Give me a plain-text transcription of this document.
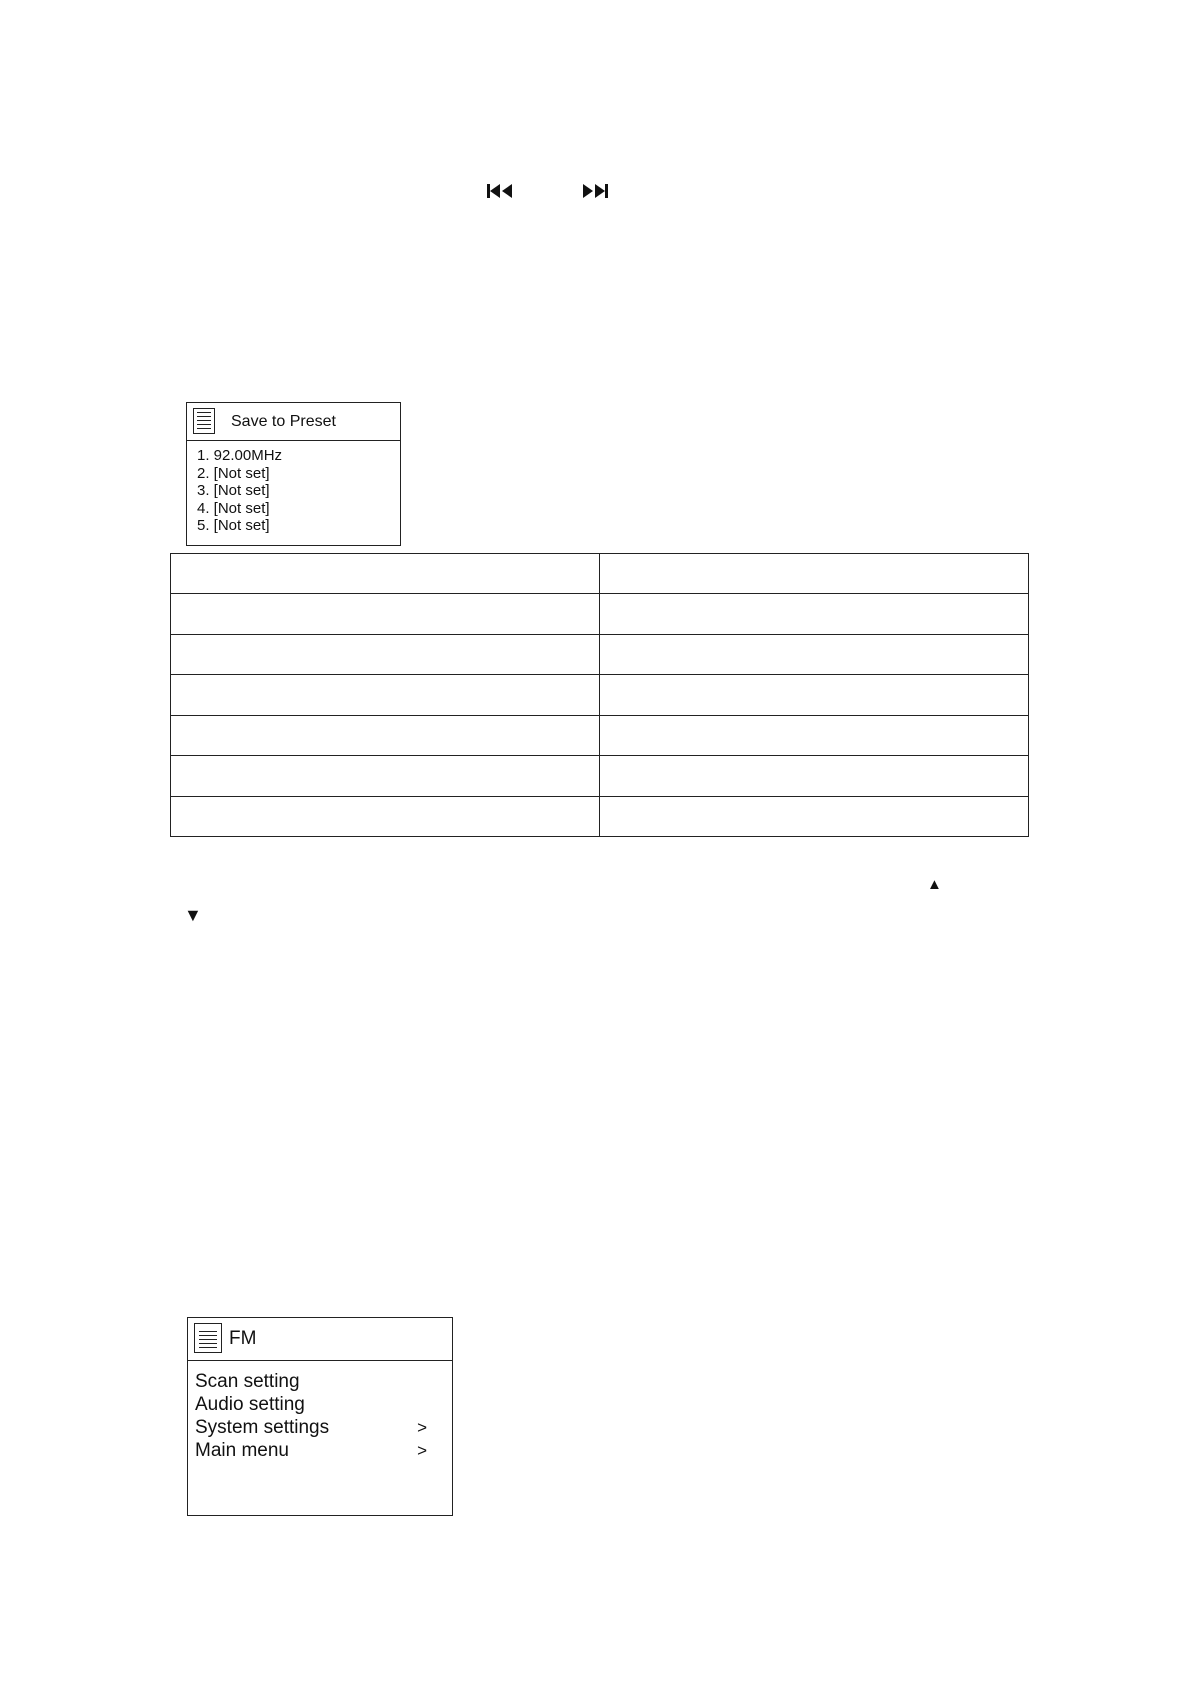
Save to Preset
1. 92.00MHz
2. [Not set]
3. [Not set]
4. [Not set]
5. [Not set]

▲
▼
FM
Scan setting
Audio setting
System settings	>
Main menu	>
